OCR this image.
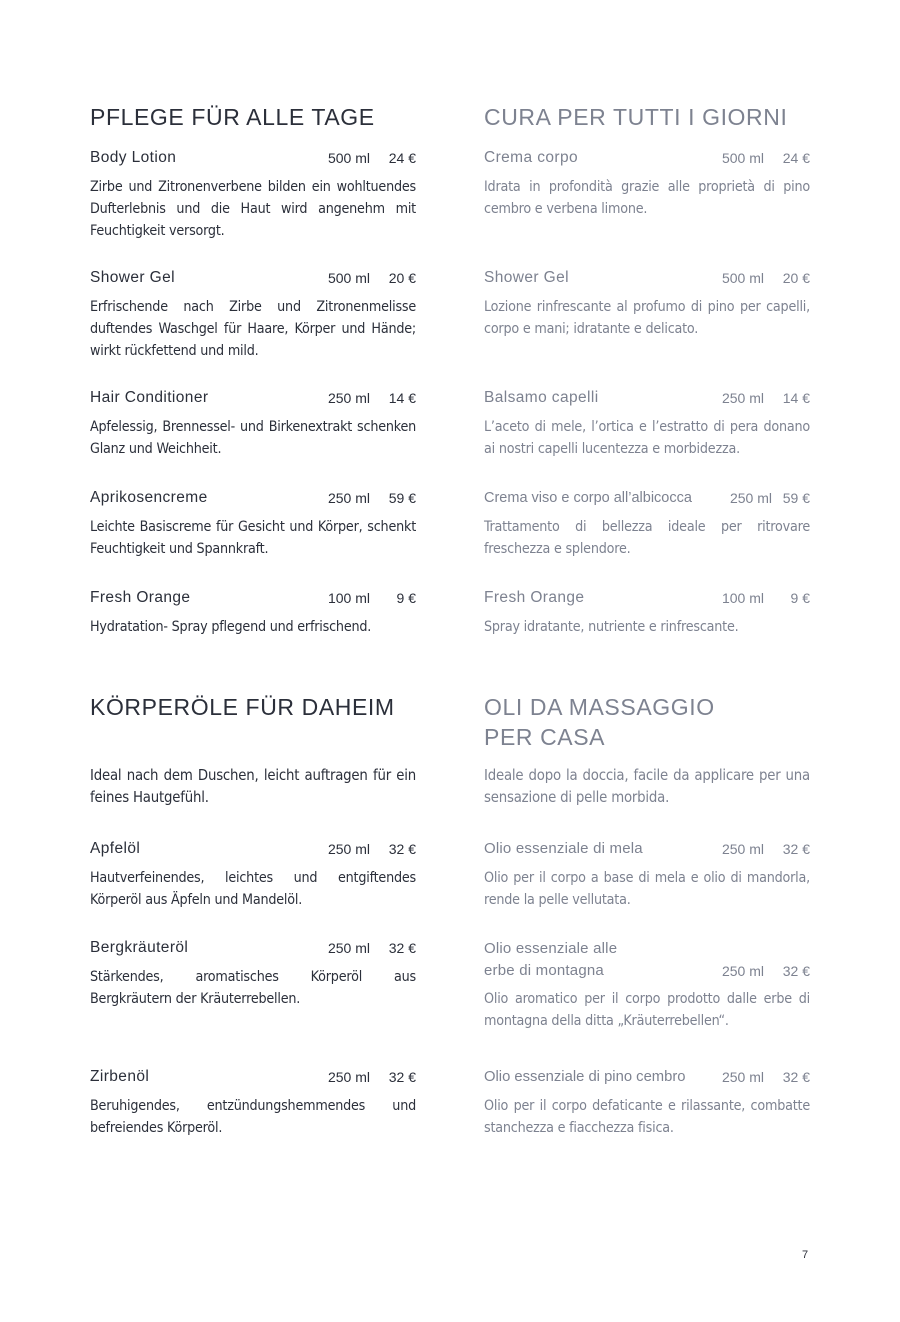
PFLEGE FÜR ALLE TAGE
Body Lotion	500 ml 24 €
Zirbe und Zitronenverbene bilden ein wohltuendes Dufterlebnis und die Haut wird angenehm mit Feuchtigkeit versorgt.
Shower Gel	500 ml 20 €
Erfrischende nach Zirbe und Zitronenmelisse duftendes Waschgel für Haare, Körper und Hände; wirkt rückfettend und mild.
Hair Conditioner	250 ml 14 €
Apfelessig, Brennessel- und Birkenextrakt schenken Glanz und Weichheit.
Aprikosencreme	250 ml 59 €
Leichte Basiscreme für Gesicht und Körper, schenkt Feuchtigkeit und Spannkraft.
Fresh Orange	100 ml 9 €
Hydratation- Spray pflegend und erfrischend.
KÖRPERÖLE FÜR DAHEIM
Ideal nach dem Duschen, leicht auftragen für ein feines Hautgefühl.
Apfelöl	250 ml 32 €
Hautverfeinendes, leichtes und entgiftendes Körperöl aus Äpfeln und Mandelöl.
Bergkräuteröl	250 ml 32 €
Stärkendes, aromatisches Körperöl aus Bergkräutern der Kräuterrebellen.
Zirbenöl	250 ml 32 €
Beruhigendes, entzündungshemmendes und befreiendes Körperöl.
CURA PER TUTTI I GIORNI
Crema corpo	500 ml 24 €
Idrata in profondità grazie alle proprietà di pino cembro e verbena limone.
Shower Gel	500 ml 20 €
Lozione rinfrescante al profumo di pino per capelli, corpo e mani; idratante e delicato.
Balsamo capelli	250 ml 14 €
L’aceto di mele, l’ortica e l’estratto di pera donano ai nostri capelli lucentezza e morbidezza.
Crema viso e corpo all’albicocca	250 ml 59 €
Trattamento di bellezza ideale per ritrovare freschezza e splendore.
Fresh Orange	100 ml 9 €
Spray idratante, nutriente e rinfrescante.
OLI DA MASSAGGIO
PER CASA
Ideale dopo la doccia, facile da applicare per una sensazione di pelle morbida.
Olio essenziale di mela	250 ml 32 €
Olio per il corpo a base di mela e olio di mandorla, rende la pelle vellutata.
Olio essenziale alle
erbe di montagna	250 ml 32 €
Olio aromatico per il corpo prodotto dalle erbe di montagna della ditta „Kräuterrebellen“.
Olio essenziale di pino cembro	250 ml 32 €
Olio per il corpo defaticante e rilassante, combatte stanchezza e fiacchezza fisica.
7
